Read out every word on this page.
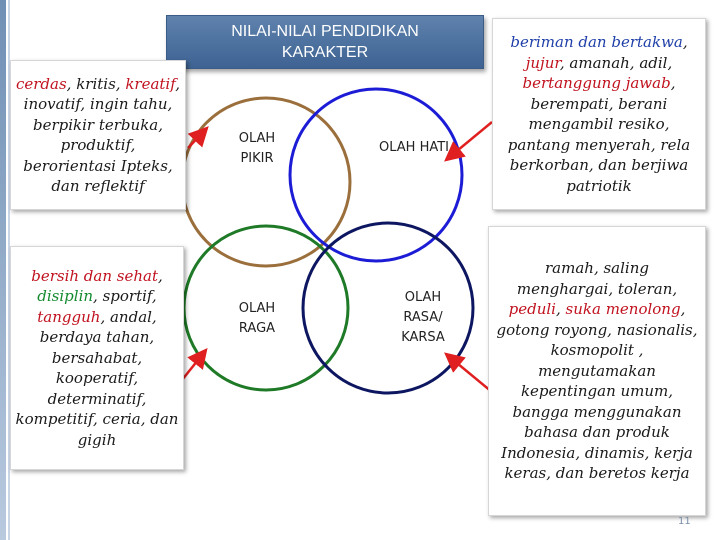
NILAI-NILAI PENDIDIKAN KARAKTER
OLAH PIKIR
OLAH HATI
OLAH RAGA
OLAH RASA/ KARSA
cerdas, kritis, kreatif, inovatif, ingin tahu, berpikir terbuka, produktif, berorientasi Ipteks, dan reflektif
bersih dan sehat, disiplin, sportif, tangguh, andal, berdaya tahan, bersahabat, kooperatif, determinatif, kompetitif, ceria, dan gigih
beriman dan bertakwa, jujur, amanah, adil, bertanggung jawab, berempati, berani mengambil resiko, pantang menyerah, rela berkorban, dan berjiwa patriotik
ramah, saling menghargai, toleran, peduli, suka menolong, gotong royong, nasionalis, kosmopolit , mengutamakan kepentingan umum, bangga menggunakan bahasa dan produk Indonesia, dinamis, kerja keras, dan beretos kerja
11
